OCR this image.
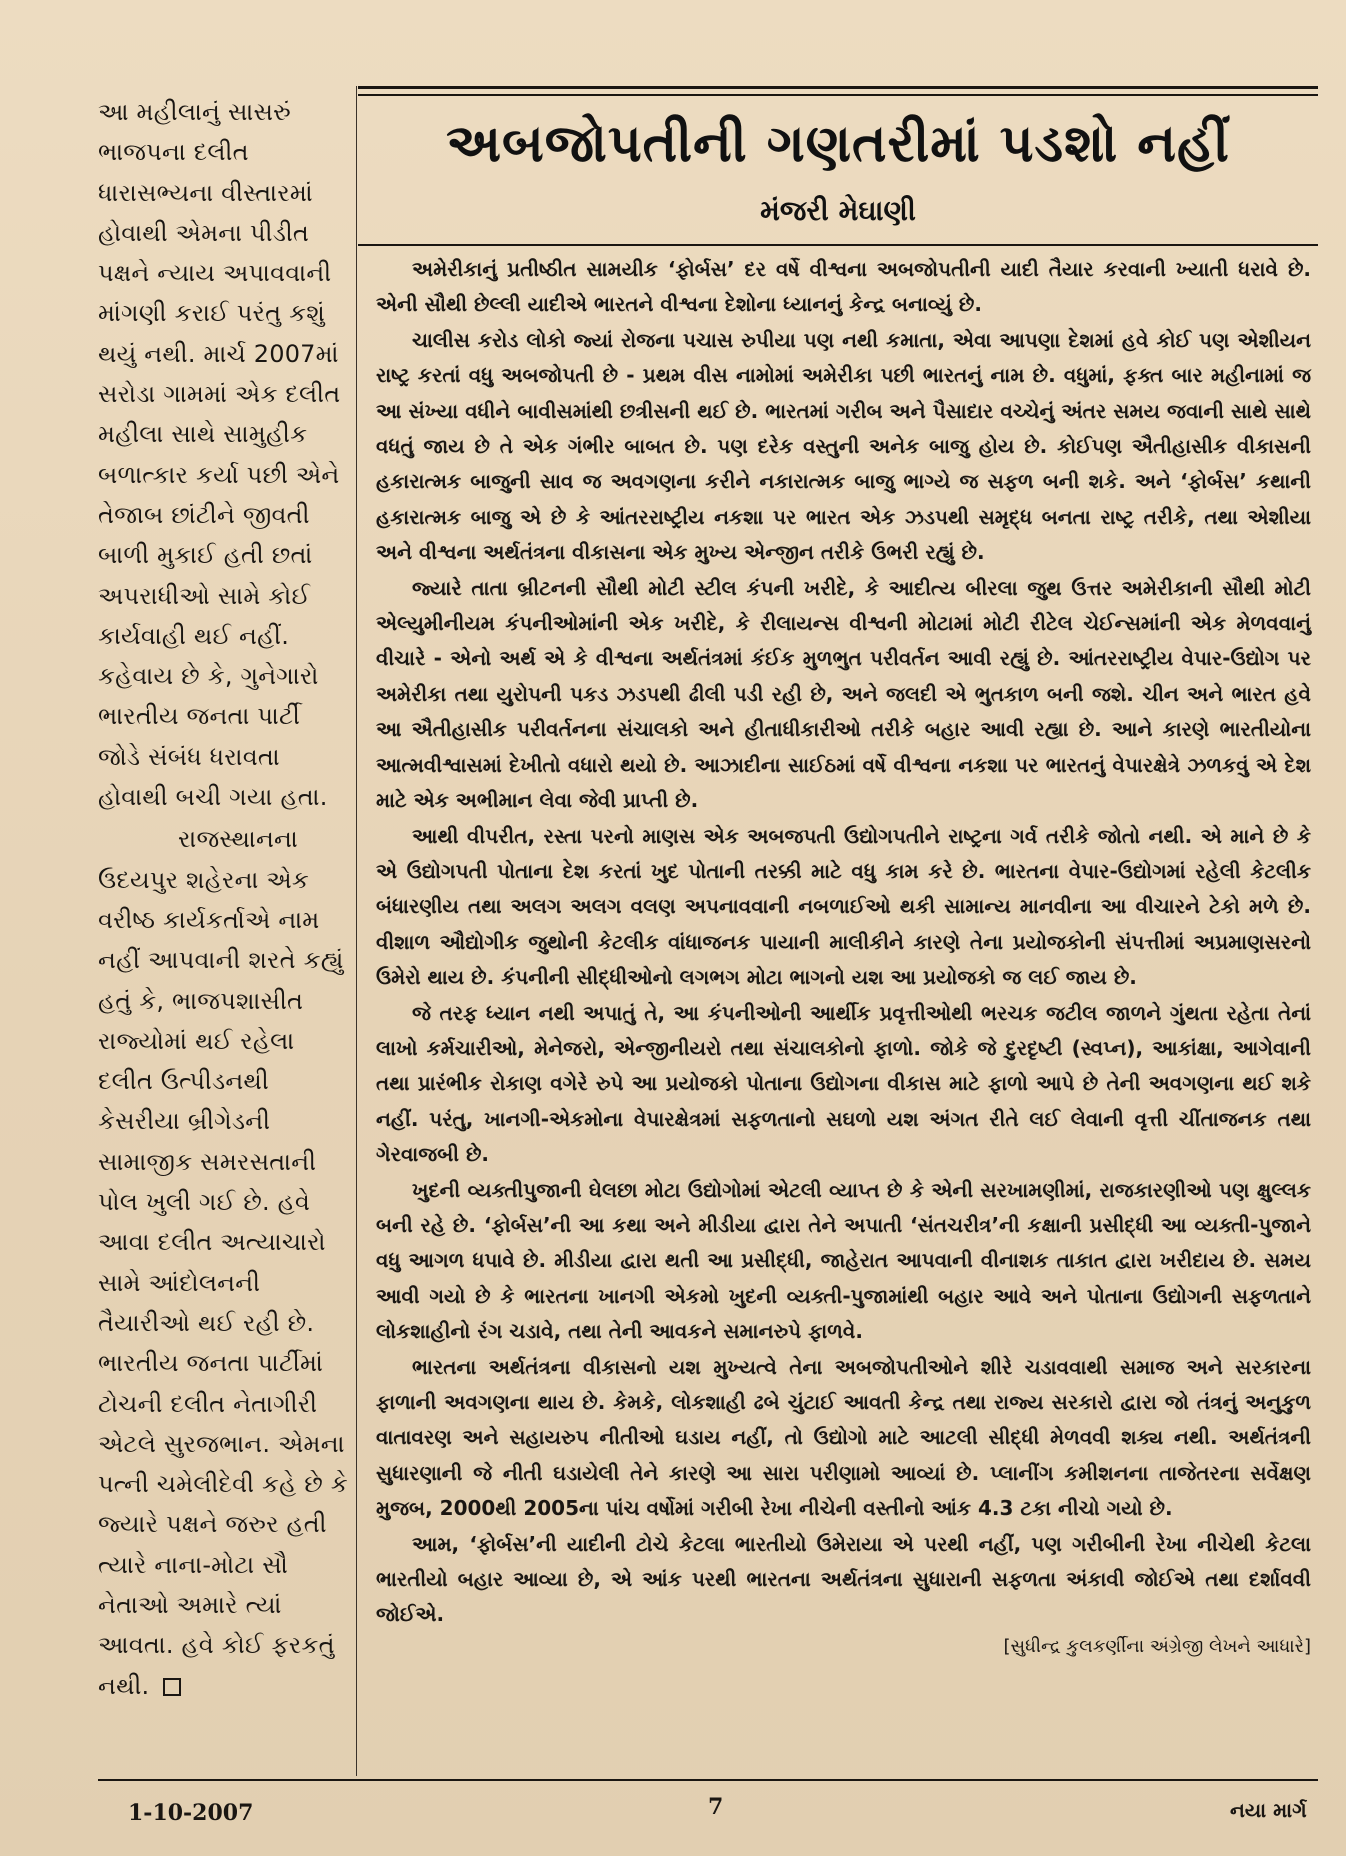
આ મહીલાનું સાસરું ભાજપના દલીત ધારાસભ્યના વીસ્તારમાં હોવાથી એમના પીડીત પક્ષને ન્યાય અપાવવાની માંગણી કરાઈ પરંતુ કશું થયું નથી. માર્ચ 2007માં સરોડા ગામમાં એક દલીત મહીલા સાથે સામુહીક બળાત્કાર કર્યા પછી એને તેજાબ છાંટીને જીવતી બાળી મુકાઈ હતી છતાં અપરાધીઓ સામે કોઈ કાર્યવાહી થઈ નહીં. કહેવાય છે કે, ગુનેગારો ભારતીય જનતા પાર્ટી જોડે સંબંધ ધરાવતા હોવાથી બચી ગયા હતા.

રાજસ્થાનના ઉદયપુર શહેરના એક વરીષ્ઠ કાર્યકર્તાએ નામ નહીં આપવાની શરતે કહ્યું હતું કે, ભાજપશાસીત રાજ્યોમાં થઈ રહેલા દલીત ઉત્પીડનથી કેસરીયા બ્રીગેડની સામાજીક સમરસતાની પોલ ખુલી ગઈ છે. હવે આવા દલીત અત્યાચારો સામે આંદોલનની તૈયારીઓ થઈ રહી છે. ભારતીય જનતા પાર્ટીમાં ટોચની દલીત નેતાગીરી એટલે સુરજભાન. એમના પત્ની ચમેલીદેવી કહે છે કે જ્યારે પક્ષને જરુર હતી ત્યારે નાના-મોટા સૌ નેતાઓ અમારે ત્યાં આવતા. હવે કોઈ ફરકતું નથી.

અબજોપતીની ગણતરીમાં પડશો નહીં
મંજરી મેઘાણી

અમેરીકાનું પ્રતીષ્ઠીત સામયીક ‘ફોર્બસ’ દર વર્ષે વીશ્વના અબજોપતીની યાદી તૈયાર કરવાની ખ્યાતી ધરાવે છે. એની સૌથી છેલ્લી યાદીએ ભારતને વીશ્વના દેશોના ધ્યાનનું કેન્દ્ર બનાવ્યું છે.

ચાલીસ કરોડ લોકો જ્યાં રોજના પચાસ રુપીયા પણ નથી કમાતા, એવા આપણા દેશમાં હવે કોઈ પણ એશીયન રાષ્ટ્ર કરતાં વધુ અબજોપતી છે - પ્રથમ વીસ નામોમાં અમેરીકા પછી ભારતનું નામ છે. વધુમાં, ફક્ત બાર મહીનામાં જ આ સંખ્યા વધીને બાવીસમાંથી છત્રીસની થઈ છે. ભારતમાં ગરીબ અને પૈસાદાર વચ્ચેનું અંતર સમય જવાની સાથે સાથે વધતું જાય છે તે એક ગંભીર બાબત છે. પણ દરેક વસ્તુની અનેક બાજુ હોય છે. કોઈપણ ઐતીહાસીક વીકાસની હકારાત્મક બાજુની સાવ જ અવગણના કરીને નકારાત્મક બાજુ ભાગ્યે જ સફળ બની શકે. અને ‘ફોર્બસ’ કથાની હકારાત્મક બાજુ એ છે કે આંતરરાષ્ટ્રીય નકશા પર ભારત એક ઝડપથી સમૃદ્ધ બનતા રાષ્ટ્ર તરીકે, તથા એશીયા અને વીશ્વના અર્થતંત્રના વીકાસના એક મુખ્ય એન્જીન તરીકે ઉભરી રહ્યું છે.

જ્યારે તાતા બ્રીટનની સૌથી મોટી સ્ટીલ કંપની ખરીદે, કે આદીત્ય બીરલા જુથ ઉત્તર અમેરીકાની સૌથી મોટી એલ્યુમીનીયમ કંપનીઓમાંની એક ખરીદે, કે રીલાયન્સ વીશ્વની મોટામાં મોટી રીટેલ ચેઈન્સમાંની એક મેળવવાનું વીચારે - એનો અર્થ એ કે વીશ્વના અર્થતંત્રમાં કંઈક મુળભુત પરીવર્તન આવી રહ્યું છે. આંતરરાષ્ટ્રીય વેપાર-ઉદ્યોગ પર અમેરીકા તથા યુરોપની પકડ ઝડપથી ઢીલી પડી રહી છે, અને જલદી એ ભુતકાળ બની જશે. ચીન અને ભારત હવે આ ઐતીહાસીક પરીવર્તનના સંચાલકો અને હીતાધીકારીઓ તરીકે બહાર આવી રહ્યા છે. આને કારણે ભારતીયોના આત્મવીશ્વાસમાં દેખીતો વધારો થયો છે. આઝાદીના સાઈઠમાં વર્ષે વીશ્વના નકશા પર ભારતનું વેપારક્ષેત્રે ઝળકવું એ દેશ માટે એક અભીમાન લેવા જેવી પ્રાપ્તી છે.

આથી વીપરીત, રસ્તા પરનો માણસ એક અબજપતી ઉદ્યોગપતીને રાષ્ટ્રના ગર્વ તરીકે જોતો નથી. એ માને છે કે એ ઉદ્યોગપતી પોતાના દેશ કરતાં ખુદ પોતાની તરક્કી માટે વધુ કામ કરે છે. ભારતના વેપાર-ઉદ્યોગમાં રહેલી કેટલીક બંધારણીય તથા અલગ અલગ વલણ અપનાવવાની નબળાઈઓ થકી સામાન્ય માનવીના આ વીચારને ટેકો મળે છે. વીશાળ ઔદ્યોગીક જુથોની કેટલીક વાંધાજનક પાયાની માલીકીને કારણે તેના પ્રયોજકોની સંપત્તીમાં અપ્રમાણસરનો ઉમેરો થાય છે. કંપનીની સીદ્ધીઓનો લગભગ મોટા ભાગનો યશ આ પ્રયોજકો જ લઈ જાય છે.

જે તરફ ધ્યાન નથી અપાતું તે, આ કંપનીઓની આર્થીક પ્રવૃત્તીઓથી ભરચક જટીલ જાળને ગુંથતા રહેતા તેનાં લાખો કર્મચારીઓ, મેનેજરો, એન્જીનીયરો તથા સંચાલકોનો ફાળો. જોકે જે દુરદૃષ્ટી (સ્વપ્ન), આકાંક્ષા, આગેવાની તથા પ્રારંભીક રોકાણ વગેરે રુપે આ પ્રયોજકો પોતાના ઉદ્યોગના વીકાસ માટે ફાળો આપે છે તેની અવગણના થઈ શકે નહીં. પરંતુ, ખાનગી-એકમોના વેપારક્ષેત્રમાં સફળતાનો સઘળો યશ અંગત રીતે લઈ લેવાની વૃત્તી ચીંતાજનક તથા ગેરવાજબી છે.

ખુદની વ્યક્તીપુજાની ઘેલછા મોટા ઉદ્યોગોમાં એટલી વ્યાપ્ત છે કે એની સરખામણીમાં, રાજકારણીઓ પણ ક્ષુલ્લક બની રહે છે. ‘ફોર્બસ’ની આ કથા અને મીડીયા દ્વારા તેને અપાતી ‘સંતચરીત્ર’ની કક્ષાની પ્રસીદ્ધી આ વ્યક્તી-પુજાને વધુ આગળ ધપાવે છે. મીડીયા દ્વારા થતી આ પ્રસીદ્ધી, જાહેરાત આપવાની વીનાશક તાકાત દ્વારા ખરીદાય છે. સમય આવી ગયો છે કે ભારતના ખાનગી એકમો ખુદની વ્યક્તી-પુજામાંથી બહાર આવે અને પોતાના ઉદ્યોગની સફળતાને લોકશાહીનો રંગ ચડાવે, તથા તેની આવકને સમાનરુપે ફાળવે.

ભારતના અર્થતંત્રના વીકાસનો યશ મુખ્યત્વે તેના અબજોપતીઓને શીરે ચડાવવાથી સમાજ અને સરકારના ફાળાની અવગણના થાય છે. કેમકે, લોકશાહી ઢબે ચુંટાઈ આવતી કેન્દ્ર તથા રાજ્ય સરકારો દ્વારા જો તંત્રનું અનુકુળ વાતાવરણ અને સહાયરુપ નીતીઓ ઘડાય નહીં, તો ઉદ્યોગો માટે આટલી સીદ્ધી મેળવવી શક્ય નથી. અર્થતંત્રની સુધારણાની જે નીતી ઘડાયેલી તેને કારણે આ સારા પરીણામો આવ્યાં છે. પ્લાનીંગ કમીશનના તાજેતરના સર્વેક્ષણ મુજબ, 2000થી 2005ના પાંચ વર્ષોમાં ગરીબી રેખા નીચેની વસ્તીનો આંક 4.3 ટકા નીચો ગયો છે.

આમ, ‘ફોર્બસ’ની યાદીની ટોચે કેટલા ભારતીયો ઉમેરાયા એ પરથી નહીં, પણ ગરીબીની રેખા નીચેથી કેટલા ભારતીયો બહાર આવ્યા છે, એ આંક પરથી ભારતના અર્થતંત્રના સુધારાની સફળતા અંકાવી જોઈએ તથા દર્શાવવી જોઈએ.

[સુધીન્દ્ર કુલકર્ણીના અંગ્રેજી લેખને આધારે]
1-10-2007	7	નયા માર્ગ
